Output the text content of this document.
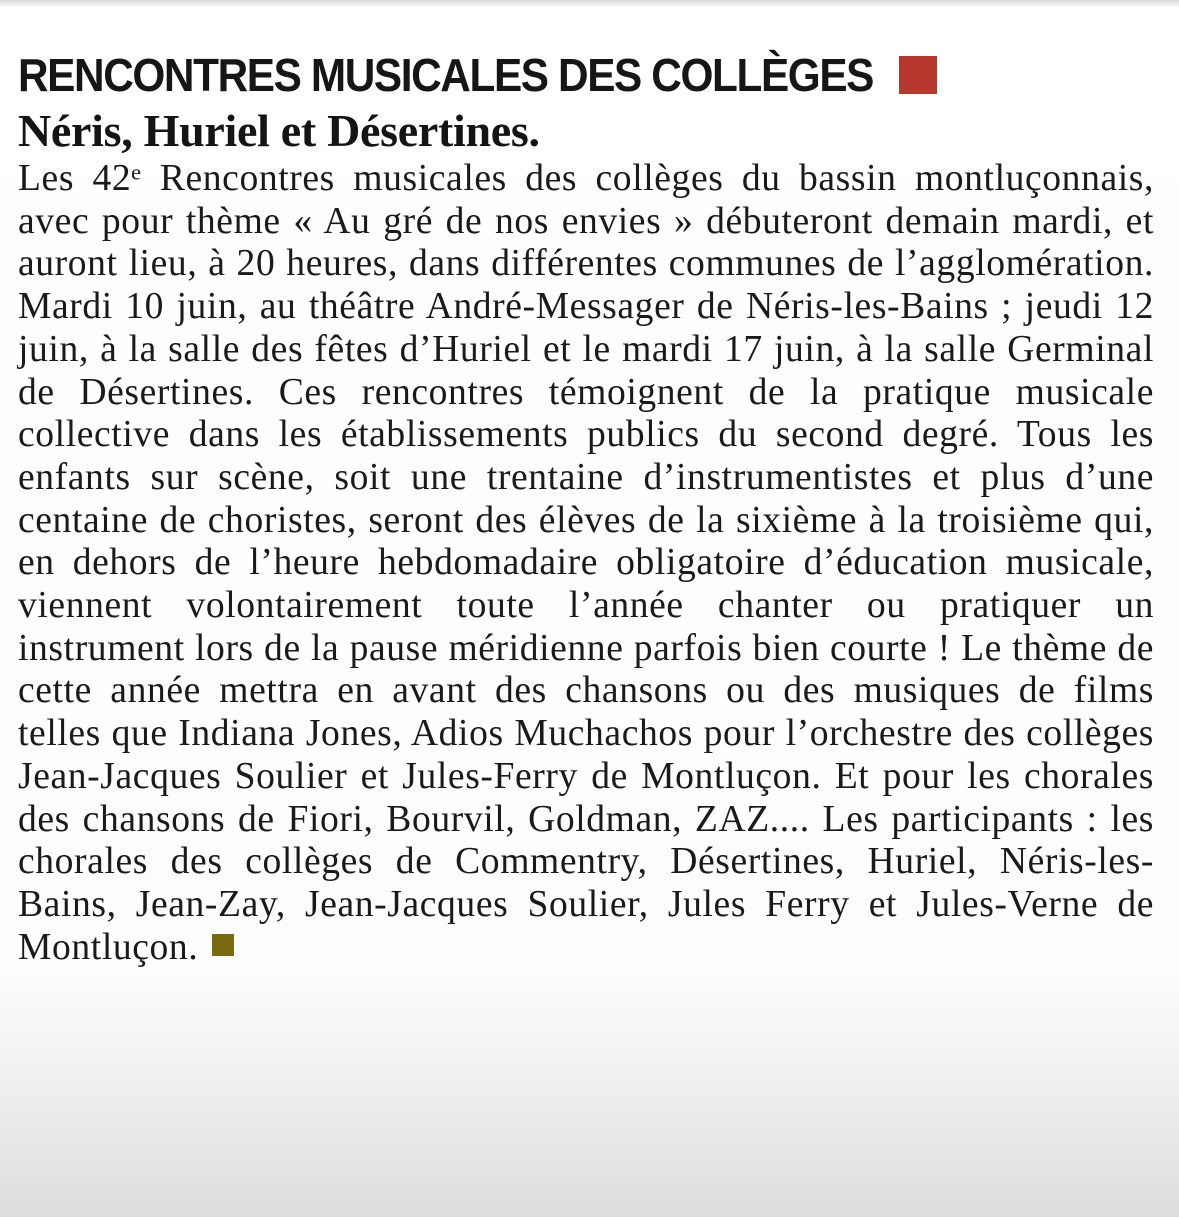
RENCONTRES MUSICALES DES COLLÈGES
Néris, Huriel et Désertines.
Les 42ᵉ Rencontres musicales des collèges du bassin montluçonnais, avec pour thème « Au gré de nos envies » débuteront demain mardi, et auront lieu, à 20 heures, dans différentes communes de l’agglomération. Mardi 10 juin, au théâtre André-Messager de Néris-les-Bains ; jeudi 12 juin, à la salle des fêtes d’Huriel et le mardi 17 juin, à la salle Germinal de Désertines. Ces rencontres témoignent de la pratique musicale collective dans les établissements publics du second degré. Tous les enfants sur scène, soit une trentaine d’instrumentistes et plus d’une centaine de choristes, seront des élèves de la sixième à la troisième qui, en dehors de l’heure hebdomadaire obligatoire d’éducation musicale, viennent volontairement toute l’année chanter ou pratiquer un instrument lors de la pause méridienne parfois bien courte ! Le thème de cette année mettra en avant des chansons ou des musiques de films telles que Indiana Jones, Adios Muchachos pour l’orchestre des collèges Jean-Jacques Soulier et Jules-Ferry de Montluçon. Et pour les chorales des chansons de Fiori, Bourvil, Goldman, ZAZ.... Les participants : les chorales des collèges de Commentry, Désertines, Huriel, Néris-les-Bains, Jean-Zay, Jean-Jacques Soulier, Jules Ferry et Jules-Verne de Montluçon.
